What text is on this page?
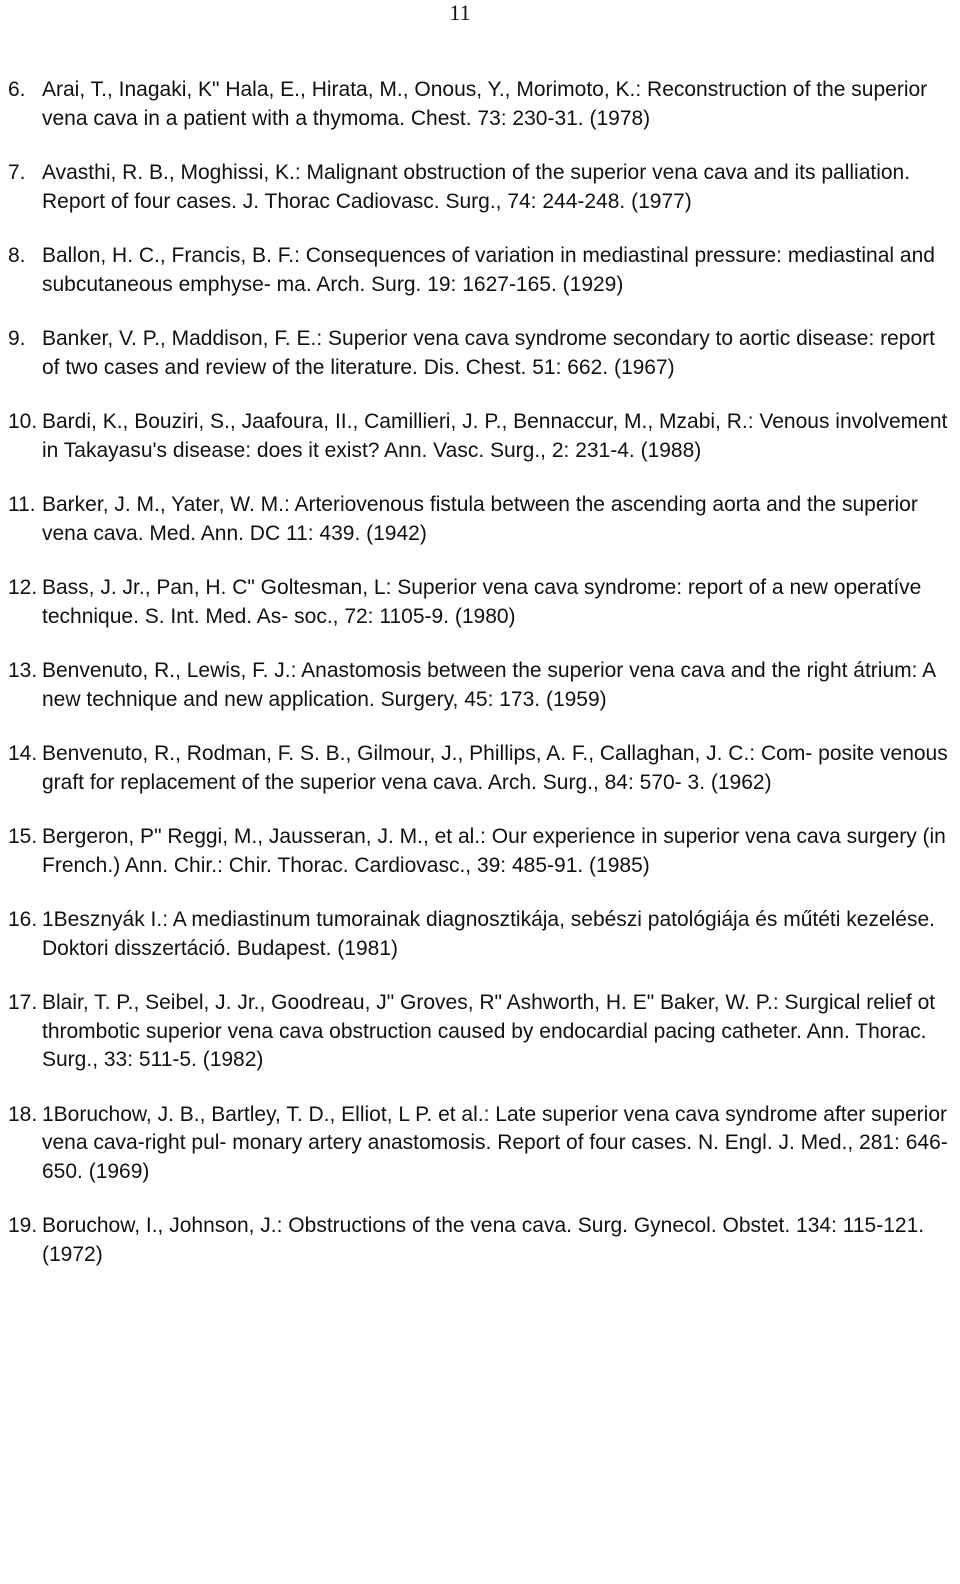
11
6. Arai, T., Inagaki, K" Hala, E., Hirata, M., Onous, Y., Morimoto, K.: Reconstruction of the superior vena cava in a patient with a thymoma. Chest. 73: 230-31. (1978)
7. Avasthi, R. B., Moghissi, K.: Malignant obstruction of the superior vena cava and its palliation. Report of four cases. J. Thorac Cadiovasc. Surg., 74: 244-248. (1977)
8. Ballon, H. C., Francis, B. F.: Consequences of variation in mediastinal pressure: mediastinal and subcutaneous emphyse- ma. Arch. Surg. 19: 1627-165. (1929)
9. Banker, V. P., Maddison, F. E.: Superior vena cava syndrome secondary to aortic disease: report of two cases and review of the literature. Dis. Chest. 51: 662. (1967)
10. Bardi, K., Bouziri, S., Jaafoura, II., Camillieri, J. P., Bennaccur, M., Mzabi, R.: Venous involvement in Takayasu's disease: does it exist? Ann. Vasc. Surg., 2: 231-4. (1988)
11. Barker, J. M., Yater, W. M.: Arteriovenous fistula between the ascending aorta and the superior vena cava. Med. Ann. DC 11: 439. (1942)
12. Bass, J. Jr., Pan, H. C" Goltesman, L: Superior vena cava syndrome: report of a new operatíve technique. S. Int. Med. As- soc., 72: 1105-9. (1980)
13. Benvenuto, R., Lewis, F. J.: Anastomosis between the superior vena cava and the right átrium: A new technique and new application. Surgery, 45: 173. (1959)
14. Benvenuto, R., Rodman, F. S. B., Gilmour, J., Phillips, A. F., Callaghan, J. C.: Com- posite venous graft for replacement of the superior vena cava. Arch. Surg., 84: 570- 3. (1962)
15. Bergeron, P" Reggi, M., Jausseran, J. M., et al.: Our experience in superior vena cava surgery (in French.) Ann. Chir.: Chir. Thorac. Cardiovasc., 39: 485-91. (1985)
16. 1Besznyák I.: A mediastinum tumorainak diagnosztikája, sebészi patológiája és műtéti kezelése. Doktori disszertáció. Budapest. (1981)
17. Blair, T. P., Seibel, J. Jr., Goodreau, J" Groves, R" Ashworth, H. E" Baker, W. P.: Surgical relief ot thrombotic superior vena cava obstruction caused by endocardial pacing catheter. Ann. Thorac. Surg., 33: 511-5. (1982)
18. 1Boruchow, J. B., Bartley, T. D., Elliot, L P. et al.: Late superior vena cava syndrome after superior vena cava-right pul- monary artery anastomosis. Report of four cases. N. Engl. J. Med., 281: 646- 650. (1969)
19. Boruchow, I., Johnson, J.: Obstructions of the vena cava. Surg. Gynecol. Obstet. 134: 115-121. (1972)
